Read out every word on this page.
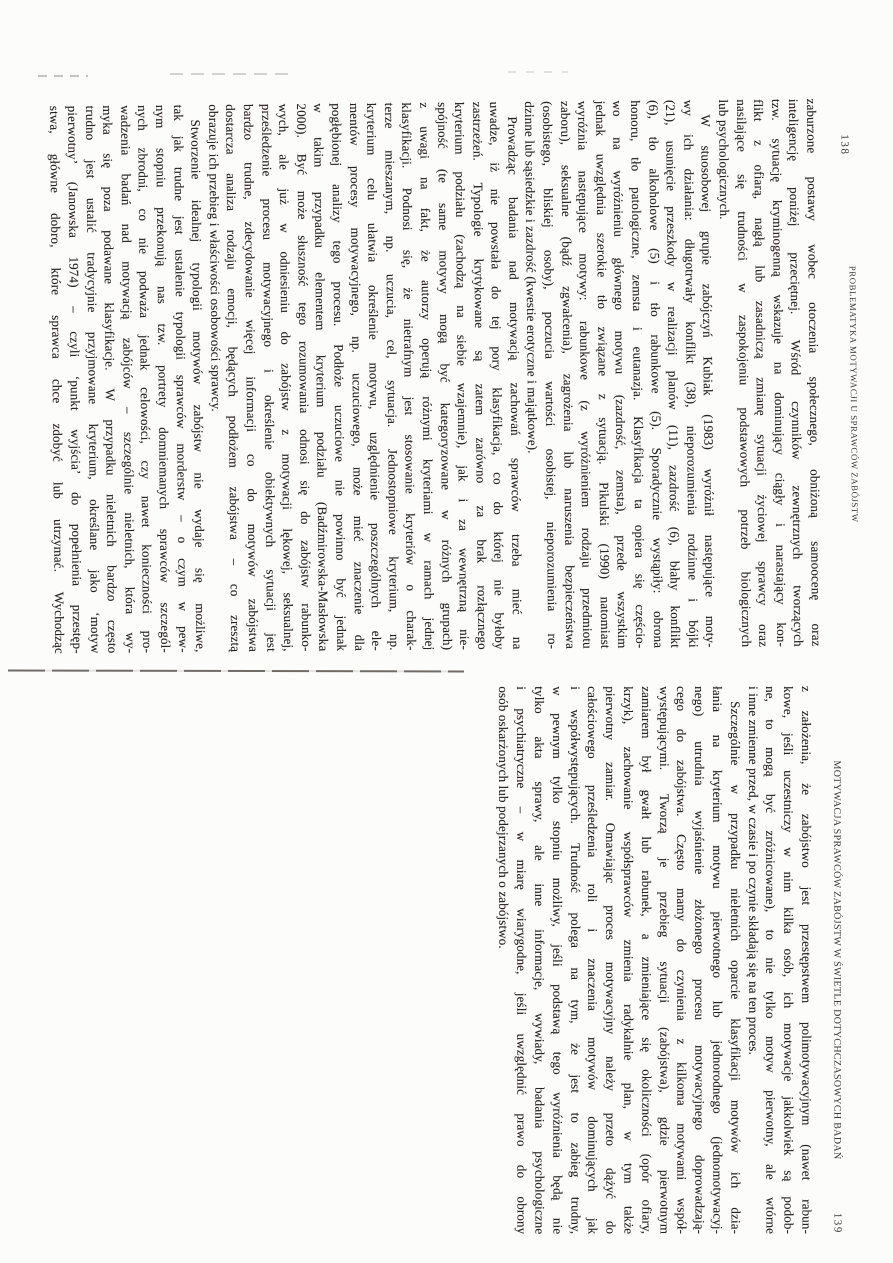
138
PROBLEMATYKA MOTYWACJI U SPRAWCÓW ZABÓJSTW
zaburzone postawy wobec otoczenia społecznego, obniżoną samoocenę oraz
inteligencję poniżej przeciętnej. Wśród czynników zewnętrznych tworzących
tzw. sytuację kryminogenną wskazuje na dominujący ciągły i narastający kon-
flikt z ofiarą, nagłą lub zasadniczą zmianę sytuacji życiowej sprawcy oraz
nasilające się trudności w zaspokojeniu podstawowych potrzeb biologicznych
lub psychologicznych.
W stuosobowej grupie zabójczyń Kubiak (1983) wyróżnił następujące moty-
wy ich działania: długotrwały konflikt (38), nieporozumienia rodzinne i bójki
(21), usunięcie przeszkody w realizacji planów (11), zazdrość (6), błahy konflikt
(6), tło alkoholowe (5) i tło rabunkowe (5). Sporadycznie wystąpiły: obrona
honoru, tło patologiczne, zemsta i eutanazja. Klasyfikacja ta opiera się częścio-
wo na wyróżnieniu głównego motywu (zazdrość, zemsta), przede wszystkim
jednak uwzględnia szerokie tło związane z sytuacją. Pikulski (1990) natomiast
wyróżnia następujące motywy: rabunkowe (z wyróżnieniem rodzaju przedmiotu
zaboru), seksualne (bądź zgwałcenia), zagrożenia lub naruszenia bezpieczeństwa
(osobistego, bliskiej osoby), poczucia wartości osobistej, nieporozumienia ro-
dzinne lub sąsiedzkie i zazdrość (kwestie erotyczne i majątkowe).
Prowadząc badania nad motywacją zachowań sprawców trzeba mieć na
uwadze, iż nie powstała do tej pory klasyfikacja, co do której nie byłoby
zastrzeżeń. Typologie krytykowane są zatem zarówno za brak rozłącznego
kryterium podziału (zachodzą na siebie wzajemnie), jak i za wewnętrzną nie-
spójność (te same motywy mogą być kategoryzowane w różnych grupach)
z uwagi na fakt, że autorzy operują różnymi kryteriami w ramach jednej
klasyfikacji. Podnosi się, że nietrafnym jest stosowanie kryteriów o charak-
terze mieszanym, np. uczucia, cel, sytuacja. Jednostopniowe kryterium, np.
kryterium celu ułatwia określenie motywu, uzględnienie poszczególnych ele-
mentów procesy motywacyjnego, np. uczuciowego, może mieć znaczenie dla
pogłębionej analizy tego procesu. Podłoże uczuciowe nie powinno być jednak
w takim przypadku elementem kryterium podziału (Badźmirowska-Masłowska
2000). Być może słuszność tego rozumowania odnosi się do zabójstw rabunko-
wych, ale już w odniesieniu do zabójstw z motywacji lękowej, seksualnej,
prześledzenie procesu motywacyjnego i określenie obiektywnych sytuacji jest
bardzo trudne, zdecydowanie więcej informacji co do motywów zabójstwa
dostarcza analiza rodzaju emocji, będących podłożem zabójstwa – co zresztą
obrazuje ich przebieg i właściwości osobowości sprawcy.
Stworzenie idealnej typologii motywów zabójstw nie wydaje się możliwe,
tak jak trudne jest ustalenie typologii sprawców morderstw – o czym w pew-
nym stopniu przekonują nas tzw. portrety domniemanych sprawców szczegól-
nych zbrodni, co nie podważa jednak celowości, czy nawet konieczności pro-
wadzenia badań nad motywacją zabójców – szczególnie nieletnich, która wy-
myka się poza podawane klasyfikacje. W przypadku nieletnich bardzo często
trudno jest ustalić tradycyjnie przyjmowane kryterium, określane jako ‘motyw
pierwotny’ (Janowska 1974) – czyli ‘punkt wyjścia’ do popełnienia przestęp-
stwa, główne dobro, które sprawca chce zdobyć lub utrzymać. Wychodząc
MOTYWACJA SPRAWCÓW ZABÓJSTW W ŚWIETLE DOTYCHCZASOWYCH BADAŃ
139
z założenia, że zabójstwo jest przestępstwem polimotywacyjnym (nawet rabun-
kowe, jeśli uczestniczy w nim kilka osób, ich motywacje jakkolwiek są podob-
ne, to mogą być zróżnicowane), to nie tylko motyw pierwotny, ale wtórne
i inne zmienne przed, w czasie i po czynie składają się na ten proces.
Szczególnie w przypadku nieletnich oparcie klasyfikacji motywów ich dzia-
łania na kryterium motywu pierwotnego lub jednorodnego (jednomotywacyj-
nego) utrudnia wyjaśnienie złożonego procesu motywacyjnego doprowadzają-
cego do zabójstwa. Często mamy do czynienia z kilkoma motywami współ-
występującymi. Tworzą je przebieg sytuacji (zabójstwa), gdzie pierwotnym
zamiarem był gwałt lub rabunek, a zmieniające się okoliczności (opór ofiary,
krzyk), zachowanie współsprawców zmienia radykalnie plan, w tym także
pierwotny zamiar. Omawiając proces motywacyjny należy przeto dążyć do
całościowego prześledzenia roli i znaczenia motywów dominujących jak
i współwystępujących. Trudność polega na tym, że jest to zabieg trudny,
w pewnym tylko stopniu możliwy, jeśli podstawą tego wyróżnienia będą nie
tylko akta sprawy, ale inne informacje, wywiady, badania psychologiczne
i psychiatryczne – w miarę wiarygodne, jeśli uwzględnić prawo do obrony
osób oskarżonych lub podejrzanych o zabójstwo.
